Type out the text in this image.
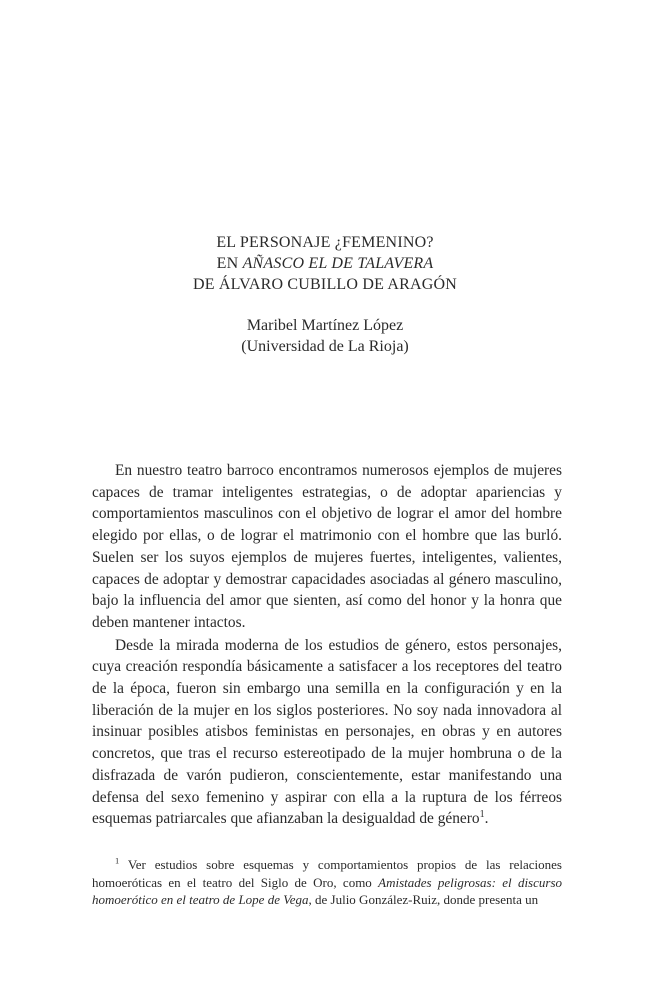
EL PERSONAJE ¿FEMENINO?
EN AÑASCO EL DE TALAVERA
DE ÁLVARO CUBILLO DE ARAGÓN
Maribel Martínez López
(Universidad de La Rioja)

En nuestro teatro barroco encontramos numerosos ejemplos de mujeres capaces de tramar inteligentes estrategias, o de adoptar apariencias y comportamientos masculinos con el objetivo de lograr el amor del hombre elegido por ellas, o de lograr el matrimonio con el hombre que las burló. Suelen ser los suyos ejemplos de mujeres fuertes, inteligentes, valientes, capaces de adoptar y demostrar capacidades asociadas al género masculino, bajo la influencia del amor que sienten, así como del honor y la honra que deben mantener intactos.

Desde la mirada moderna de los estudios de género, estos personajes, cuya creación respondía básicamente a satisfacer a los receptores del teatro de la época, fueron sin embargo una semilla en la configuración y en la liberación de la mujer en los siglos posteriores. No soy nada innovadora al insinuar posibles atisbos feministas en personajes, en obras y en autores concretos, que tras el recurso estereotipado de la mujer hombruna o de la disfrazada de varón pudieron, conscientemente, estar manifestando una defensa del sexo femenino y aspirar con ella a la ruptura de los férreos esquemas patriarcales que afianzaban la desigualdad de género$^1$.

$^1$ Ver estudios sobre esquemas y comportamientos propios de las relaciones homoeróticas en el teatro del Siglo de Oro, como Amistades peligrosas: el discurso homoerótico en el teatro de Lope de Vega, de Julio González-Ruiz, donde presenta un
